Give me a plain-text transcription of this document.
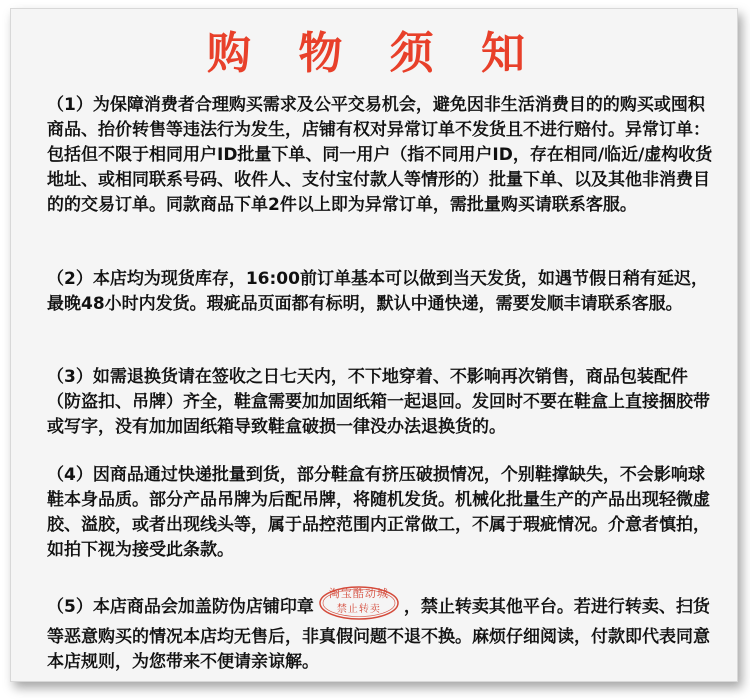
购 物 须 知

（1）为保障消费者合理购买需求及公平交易机会，避免因非生活消费目的的购买或囤积商品、抬价转售等违法行为发生，店铺有权对异常订单不发货且不进行赔付。异常订单：包括但不限于相同用户ID批量下单、同一用户（指不同用户ID，存在相同/临近/虚构收货地址、或相同联系号码、收件人、支付宝付款人等情形的）批量下单、以及其他非消费目的的交易订单。同款商品下单2件以上即为异常订单，需批量购买请联系客服。

（2）本店均为现货库存，16:00前订单基本可以做到当天发货，如遇节假日稍有延迟，最晚48小时内发货。瑕疵品页面都有标明，默认中通快递，需要发顺丰请联系客服。

（3）如需退换货请在签收之日七天内，不下地穿着、不影响再次销售，商品包装配件（防盗扣、吊牌）齐全，鞋盒需要加加固纸箱一起退回。发回时不要在鞋盒上直接捆胶带或写字，没有加加固纸箱导致鞋盒破损一律没办法退换货的。

（4）因商品通过快递批量到货，部分鞋盒有挤压破损情况，个别鞋撑缺失，不会影响球鞋本身品质。部分产品吊牌为后配吊牌，将随机发货。机械化批量生产的产品出现轻微虚胶、溢胶，或者出现线头等，属于品控范围内正常做工，不属于瑕疵情况。介意者慎拍，如拍下视为接受此条款。

（5）本店商品会加盖防伪店铺印章
淘宝酷动城
禁止转卖	，禁止转卖其他平台。若进行转卖、扫货等恶意购买的情况本店均无售后，非真假问题不退不换。麻烦仔细阅读，付款即代表同意本店规则，为您带来不便请亲谅解。
